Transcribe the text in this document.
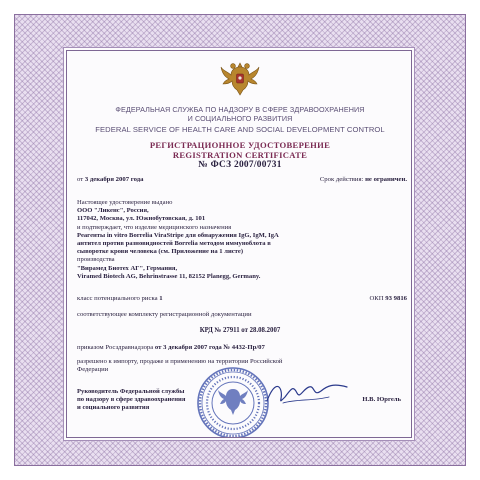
ФЕДЕРАЛЬНАЯ СЛУЖБА ПО НАДЗОРУ В СФЕРЕ ЗДРАВООХРАНЕНИЯ
И СОЦИАЛЬНОГО РАЗВИТИЯ
FEDERAL SERVICE OF HEALTH CARE AND SOCIAL DEVELOPMENT CONTROL
РЕГИСТРАЦИОННОЕ УДОСТОВЕРЕНИЕ
REGISTRATION CERTIFICATE
№ ФСЗ 2007/00731
от 3 декабря 2007 года	Срок действия: не ограничен.
Настоящее удостоверение выдано
ООО "Ликенс", Россия,
117042, Москва, ул. Южнобутовская, д. 101
и подтверждает, что изделие медицинского назначения
Реагенты in vitro Borrelia ViraStripe для обнаружения IgG, IgM, IgA
антител против разновидностей Borrelia методом иммуноблота в
сыворотке крови человека (см. Приложение на 1 листе)
производства
"Вирамед Биотех АГ", Германия,
Viramed Biotech AG, Behrinstrasse 11, 82152 Planegg, Germany.
класс потенциального риска 1	ОКП 93 9816
соответствующее комплекту регистрационной документации
КРД № 27911 от 28.08.2007
приказом Росздравнадзора от 3 декабря 2007 года № 4432-Пр/07
разрешено к импорту, продаже и применению на территории Российской
Федерации
Руководитель Федеральной службы
по надзору в сфере здравоохранения
и социального развития
Н.В. Юргель
